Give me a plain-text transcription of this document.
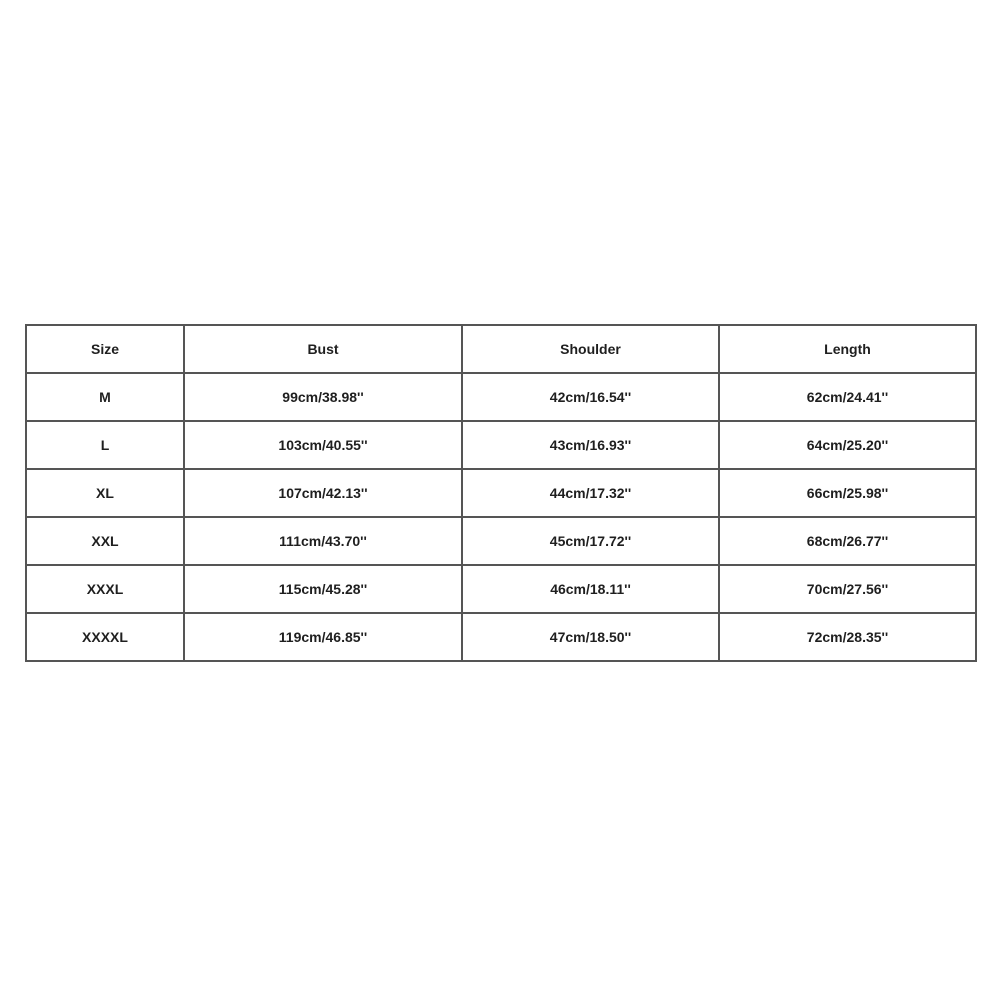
Size	Bust	Shoulder	Length
M	99cm/38.98''	42cm/16.54''	62cm/24.41''
L	103cm/40.55''	43cm/16.93''	64cm/25.20''
XL	107cm/42.13''	44cm/17.32''	66cm/25.98''
XXL	111cm/43.70''	45cm/17.72''	68cm/26.77''
XXXL	115cm/45.28''	46cm/18.11''	70cm/27.56''
XXXXL	119cm/46.85''	47cm/18.50''	72cm/28.35''
